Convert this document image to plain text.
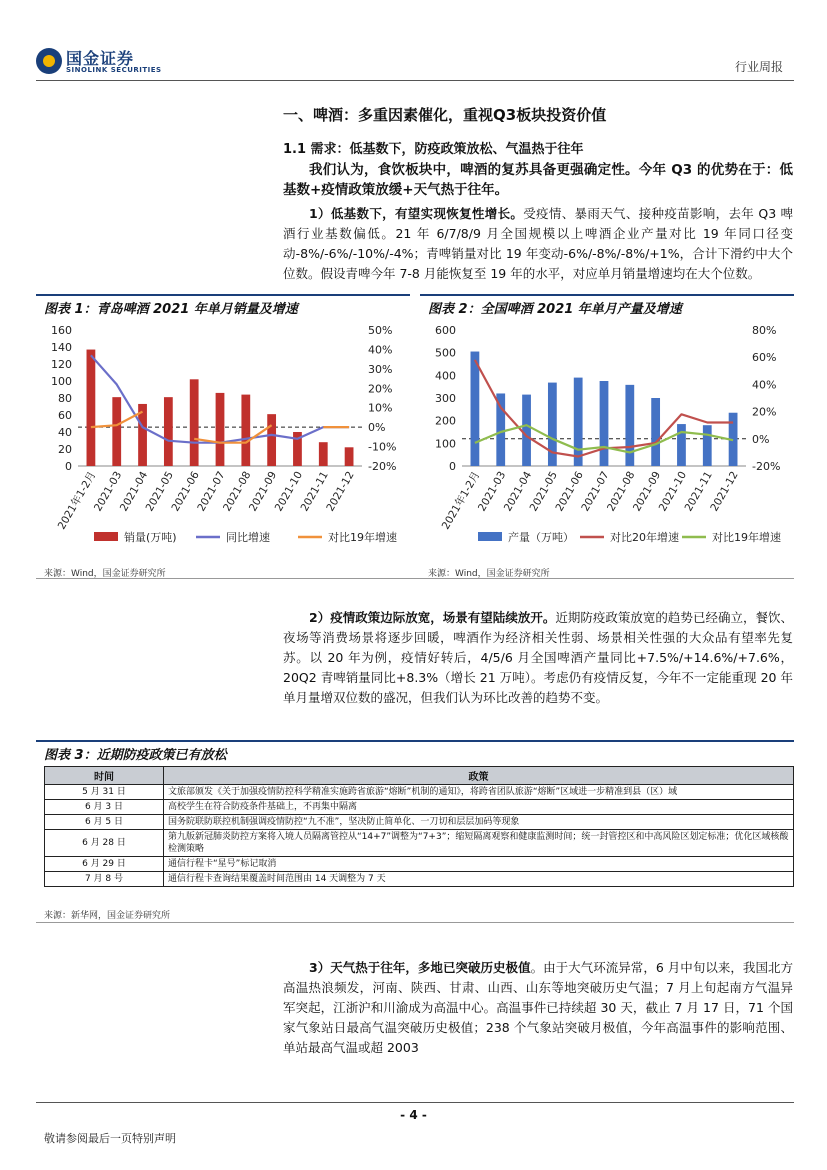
国金证券
SINOLINK SECURITIES	行业周报
一、啤酒：多重因素催化，重视Q3板块投资价值
1.1 需求：低基数下，防疫政策放松、气温热于往年
我们认为，食饮板块中，啤酒的复苏具备更强确定性。今年 Q3 的优势在于：低基数+疫情政策放缓+天气热于往年。
1）低基数下，有望实现恢复性增长。受疫情、暴雨天气、接种疫苗影响，去年 Q3 啤酒行业基数偏低。21 年 6/7/8/9 月全国规模以上啤酒企业产量对比 19 年同口径变动-8%/-6%/-10%/-4%；青啤销量对比 19 年变动-6%/-8%/-8%/+1%，合计下滑约中大个位数。假设青啤今年 7-8 月能恢复至 19 年的水平，对应单月销量增速均在大个位数。
图表 1：青岛啤酒 2021 年单月销量及增速
0
20
40
60
80
100
120
140
160
-20%
-10%
0%
10%
20%
30%
40%
50%
2021年1-2月
2021-03
2021-04
2021-05
2021-06
2021-07
2021-08
2021-09
2021-10
2021-11
2021-12
销量(万吨)	同比增速	对比19年增速
来源：Wind，国金证券研究所
图表 2：全国啤酒 2021 年单月产量及增速
0
100
200
300
400
500
600
-20%
0%
20%
40%
60%
80%
2021年1-2月
2021-03
2021-04
2021-05
2021-06
2021-07
2021-08
2021-09
2021-10
2021-11
2021-12
产量（万吨）	对比20年增速	对比19年增速
来源：Wind，国金证券研究所
2）疫情政策边际放宽，场景有望陆续放开。近期防疫政策放宽的趋势已经确立，餐饮、夜场等消费场景将逐步回暖，啤酒作为经济相关性弱、场景相关性强的大众品有望率先复苏。以 20 年为例，疫情好转后，4/5/6 月全国啤酒产量同比+7.5%/+14.6%/+7.6%，20Q2 青啤销量同比+8.3%（增长 21 万吨）。考虑仍有疫情反复，今年不一定能重现 20 年单月量增双位数的盛况，但我们认为环比改善的趋势不变。
图表 3：近期防疫政策已有放松
时间	政策
5 月 31 日	文旅部颁发《关于加强疫情防控科学精准实施跨省旅游“熔断”机制的通知》，将跨省团队旅游“熔断”区域进一步精准到县（区）域
6 月 3 日	高校学生在符合防疫条件基础上，不再集中隔离
6 月 5 日	国务院联防联控机制强调疫情防控“九不准”，坚决防止简单化、一刀切和层层加码等现象
6 月 28 日	第九版新冠肺炎防控方案将入境人员隔离管控从“14+7”调整为“7+3”；缩短隔离观察和健康监测时间；统一封管控区和中高风险区划定标准；优化区域核酸检测策略
6 月 29 日	通信行程卡“星号”标记取消
7 月 8 号	通信行程卡查询结果覆盖时间范围由 14 天调整为 7 天
来源：新华网，国金证券研究所
3）天气热于往年，多地已突破历史极值。由于大气环流异常，6 月中旬以来，我国北方高温热浪频发，河南、陕西、甘肃、山西、山东等地突破历史气温；7 月上旬起南方气温异军突起，江浙沪和川渝成为高温中心。高温事件已持续超 30 天，截止 7 月 17 日，71 个国家气象站日最高气温突破历史极值；238 个气象站突破月极值，今年高温事件的影响范围、单站最高气温或超 2003
- 4 -
敬请参阅最后一页特别声明
